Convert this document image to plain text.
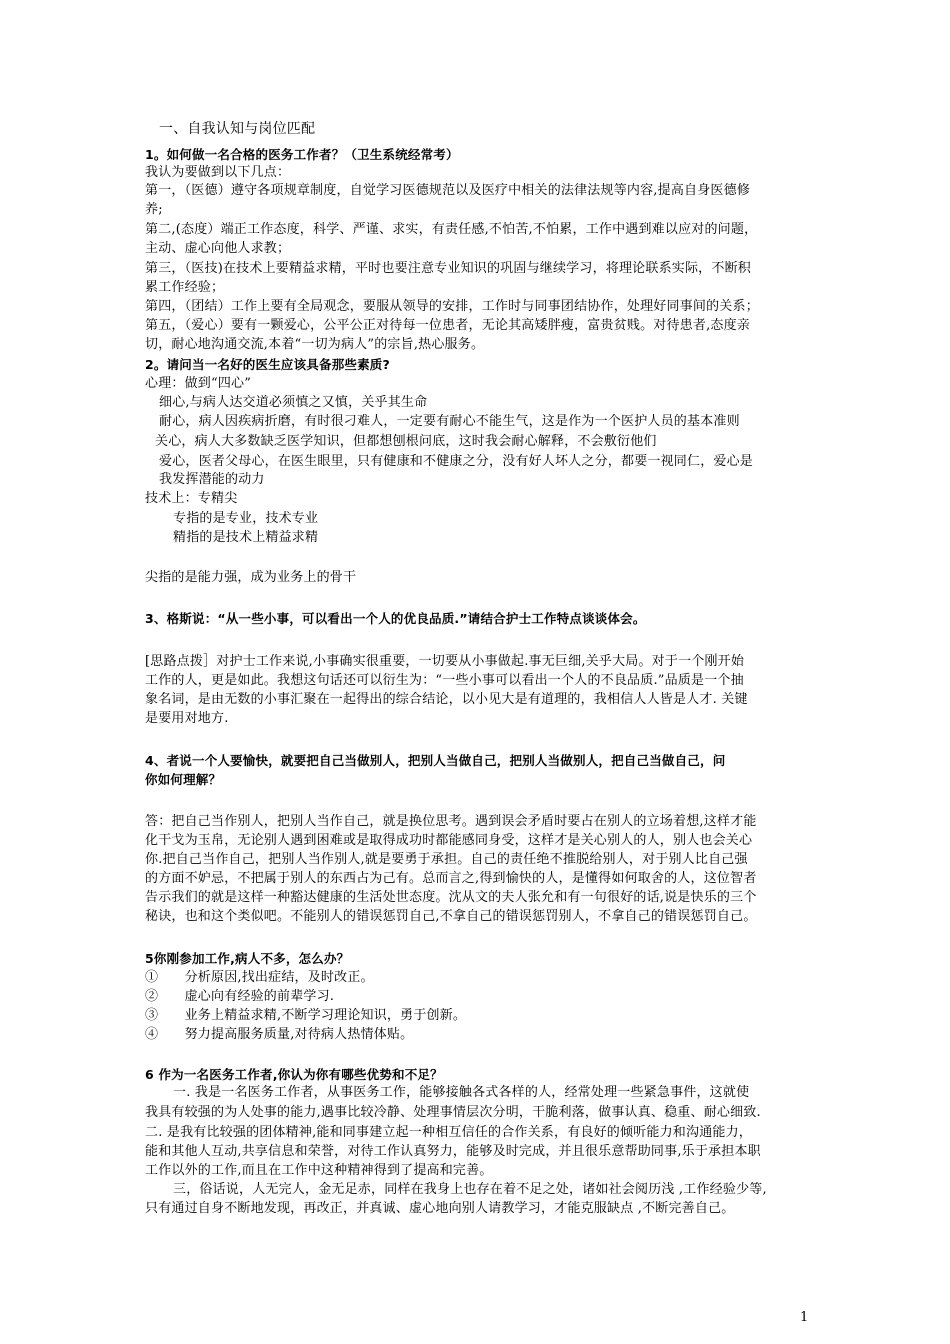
一、自我认知与岗位匹配
1。如何做一名合格的医务工作者？（卫生系统经常考）
我认为要做到以下几点：
第一，（医德）遵守各项规章制度，自觉学习医德规范以及医疗中相关的法律法规等内容,提高自身医德修
养;
第二,(态度）端正工作态度，科学、严谨、求实，有责任感,不怕苦,不怕累，工作中遇到难以应对的问题，
主动、虚心向他人求教；
第三，（医技)在技术上要精益求精，平时也要注意专业知识的巩固与继续学习，将理论联系实际，不断积
累工作经验；
第四，（团结）工作上要有全局观念，要服从领导的安排，工作时与同事团结协作，处理好同事间的关系；
第五，（爱心）要有一颗爱心，公平公正对待每一位患者，无论其高矮胖瘦，富贵贫贱。对待患者,态度亲
切，耐心地沟通交流,本着“一切为病人”的宗旨,热心服务。
2。请问当一名好的医生应该具备那些素质?
心理：做到“四心”
细心,与病人达交道必须慎之又慎，关乎其生命
耐心，病人因疾病折磨，有时很刁难人，一定要有耐心不能生气，这是作为一个医护人员的基本准则
关心，病人大多数缺乏医学知识，但都想刨根问底，这时我会耐心解释，不会敷衍他们
爱心，医者父母心，在医生眼里，只有健康和不健康之分，没有好人坏人之分，都要一视同仁，爱心是
我发挥潜能的动力
技术上：专精尖
专指的是专业，技术专业
精指的是技术上精益求精
尖指的是能力强，成为业务上的骨干
3、格斯说：“从一些小事，可以看出一个人的优良品质.”请结合护士工作特点谈谈体会。
[思路点拨］对护士工作来说,小事确实很重要，一切要从小事做起.事无巨细,关乎大局。对于一个刚开始
工作的人，更是如此。我想这句话还可以衍生为：“一些小事可以看出一个人的不良品质.”品质是一个抽
象名词，是由无数的小事汇聚在一起得出的综合结论，以小见大是有道理的，我相信人人皆是人才. 关键
是要用对地方.
4、者说一个人要愉快，就要把自己当做别人，把别人当做自己，把别人当做别人，把自己当做自己，问
你如何理解？
答：把自己当作别人，把别人当作自己，就是换位思考。遇到误会矛盾时要占在别人的立场着想,这样才能
化干戈为玉帛，无论别人遇到困难或是取得成功时都能感同身受，这样才是关心别人的人，别人也会关心
你.把自己当作自己，把别人当作别人,就是要勇于承担。自己的责任绝不推脱给别人，对于别人比自己强
的方面不妒忌，不把属于别人的东西占为己有。总而言之,得到愉快的人，是懂得如何取舍的人，这位智者
告示我们的就是这样一种豁达健康的生活处世态度。沈从文的夫人张允和有一句很好的话,说是快乐的三个
秘诀，也和这个类似吧。不能别人的错误惩罚自己,不拿自己的错误惩罚别人，不拿自己的错误惩罚自己。
5你刚参加工作,病人不多，怎么办？
①　　分析原因,找出症结，及时改正。
②　　虚心向有经验的前辈学习.
③　　业务上精益求精,不断学习理论知识，勇于创新。
④　　努力提高服务质量,对待病人热情体贴。
6 作为一名医务工作者,你认为你有哪些优势和不足？
一. 我是一名医务工作者，从事医务工作，能够接触各式各样的人，经常处理一些紧急事件，这就使
我具有较强的为人处事的能力,遇事比较冷静、处理事情层次分明，干脆利落，做事认真、稳重、耐心细致.
二. 是我有比较强的团体精神,能和同事建立起一种相互信任的合作关系，有良好的倾听能力和沟通能力，
能和其他人互动,共享信息和荣誉，对待工作认真努力，能够及时完成，并且很乐意帮助同事,乐于承担本职
工作以外的工作,而且在工作中这种精神得到了提高和完善。
三，俗话说，人无完人，金无足赤，同样在我身上也存在着不足之处，诸如社会阅历浅 ,工作经验少等,
只有通过自身不断地发现，再改正，并真诚、虚心地向别人请教学习，才能克服缺点 ,不断完善自己。
1
